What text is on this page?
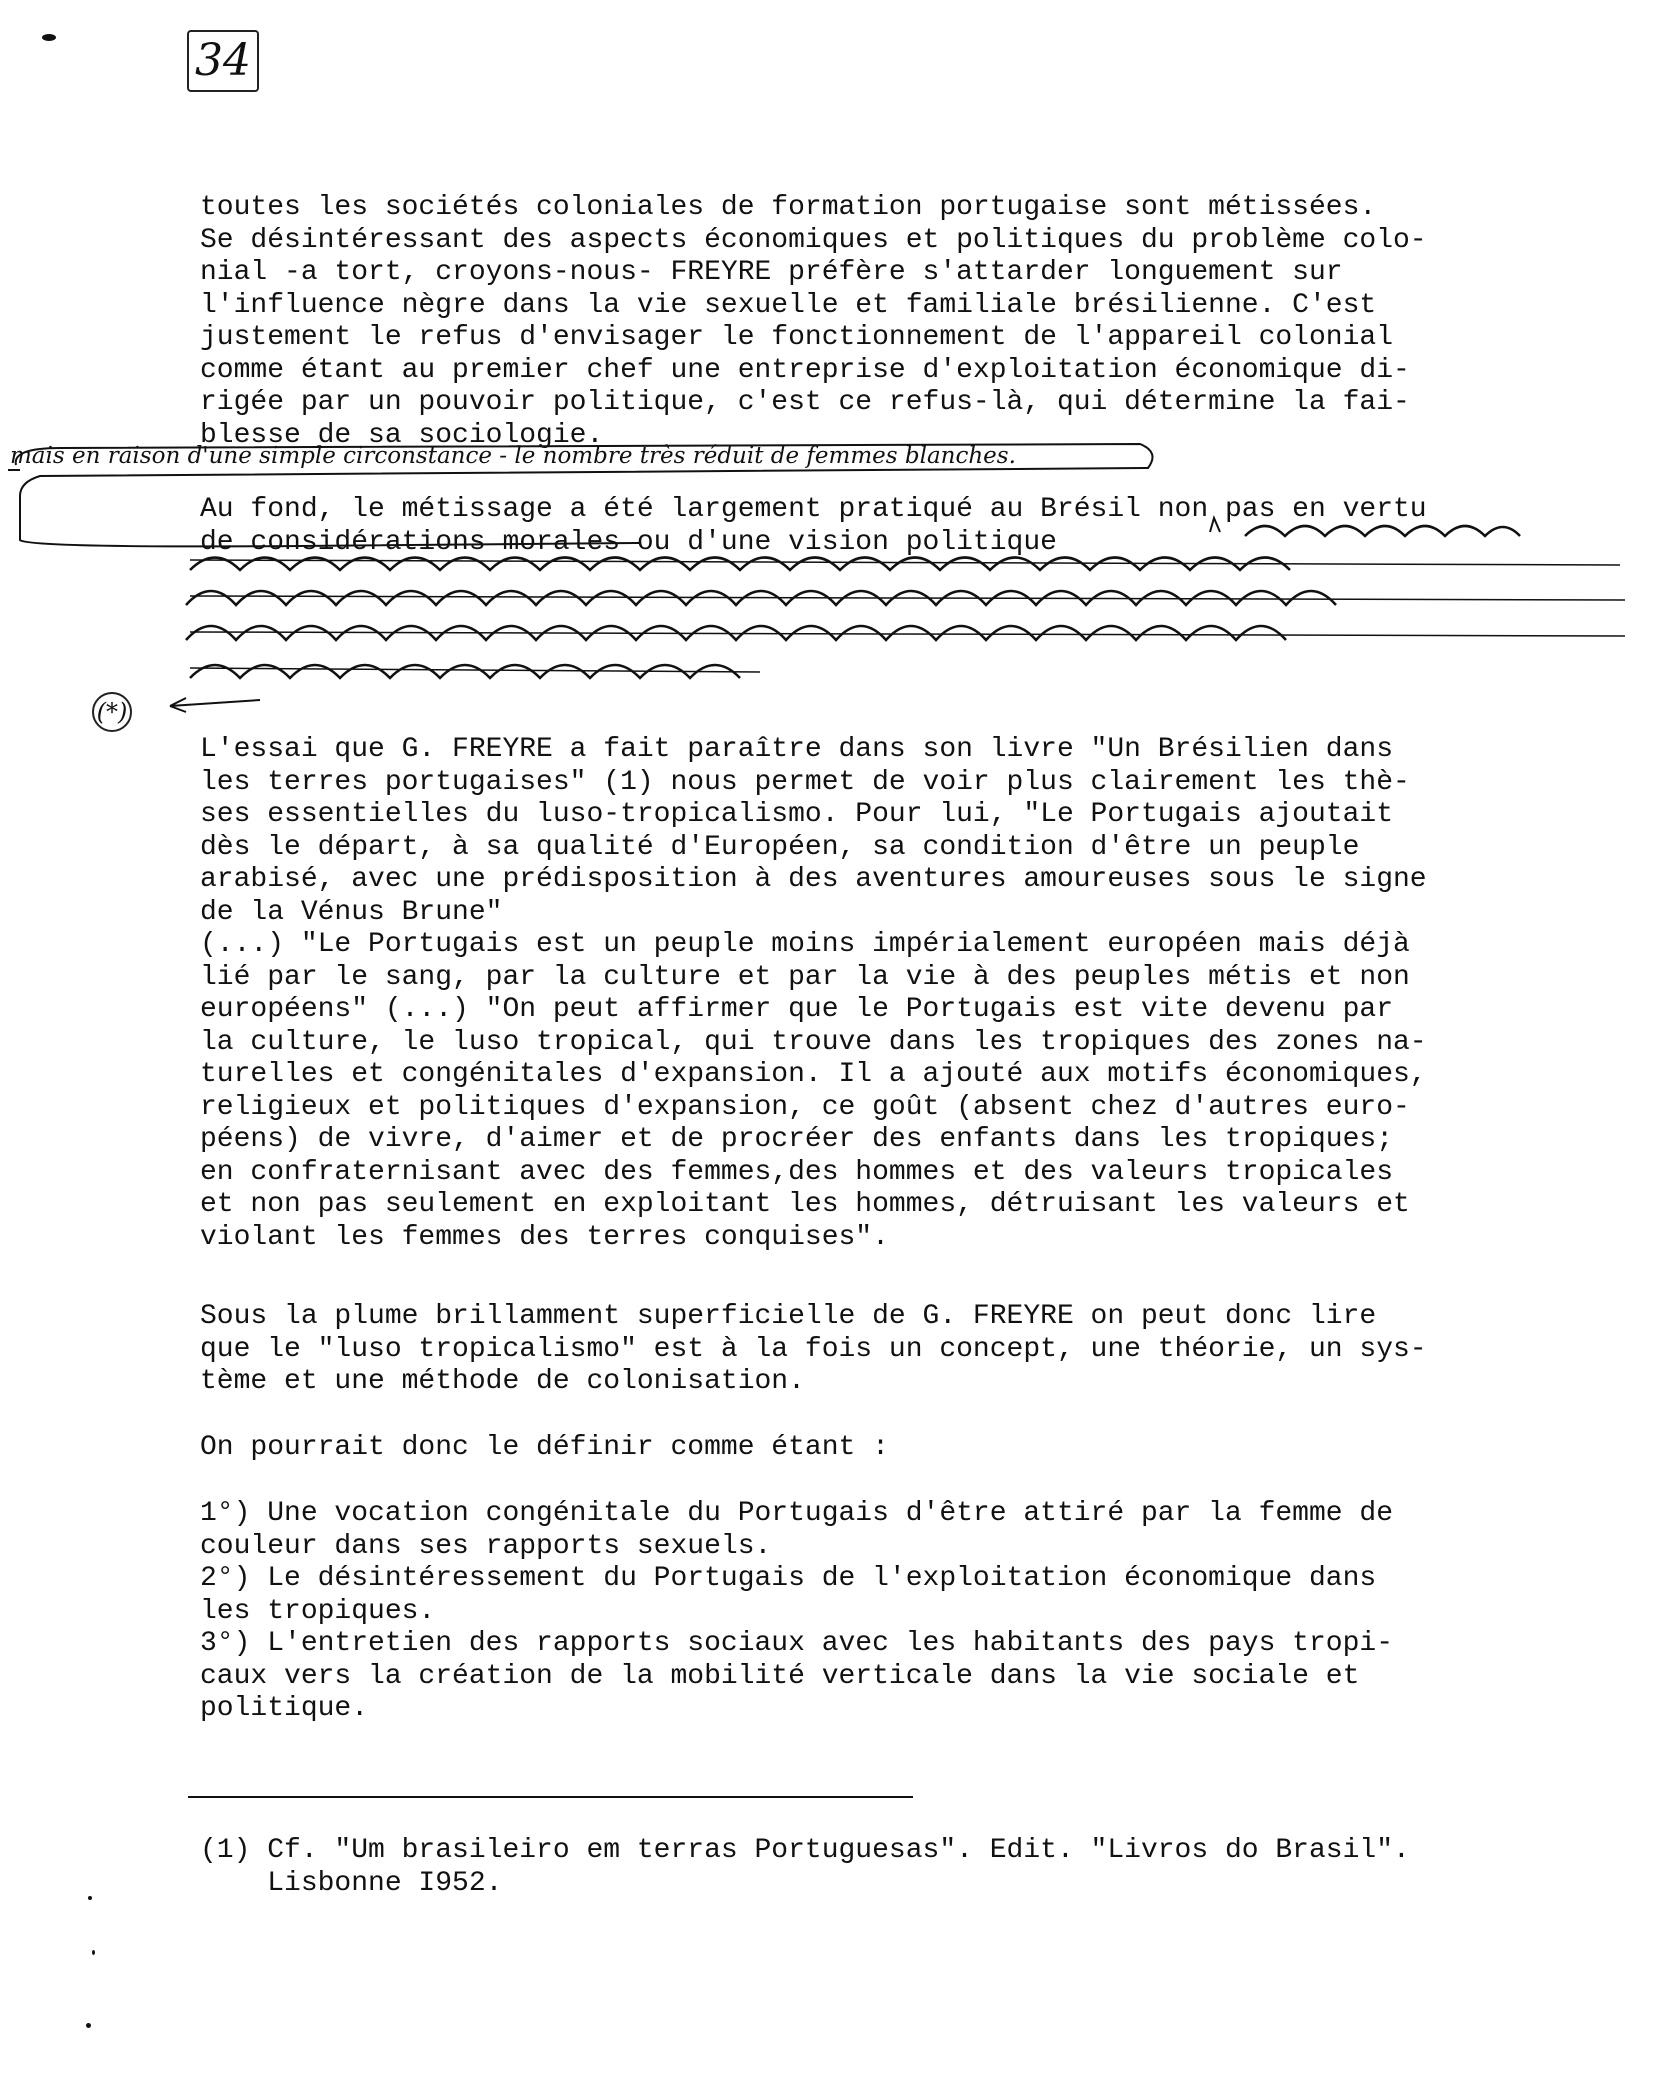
34
toutes les sociétés coloniales de formation portugaise sont métissées.
Se désintéressant des aspects économiques et politiques du problème colo-
nial -a tort, croyons-nous- FREYRE préfère s'attarder longuement sur
l'influence nègre dans la vie sexuelle et familiale brésilienne. C'est
justement le refus d'envisager le fonctionnement de l'appareil colonial
comme étant au premier chef une entreprise d'exploitation économique di-
rigée par un pouvoir politique, c'est ce refus-là, qui détermine la fai-
blesse de sa sociologie.
mais en raison d'une simple circonstance - le nombre très réduit de femmes blanches.
Au fond, le métissage a été largement pratiqué au Brésil non pas en vertu
de considérations morales ou d'une vision politique
(*)
L'essai que G. FREYRE a fait paraître dans son livre "Un Brésilien dans
les terres portugaises" (1) nous permet de voir plus clairement les thè-
ses essentielles du luso-tropicalismo. Pour lui, "Le Portugais ajoutait
dès le départ, à sa qualité d'Européen, sa condition d'être un peuple
arabisé, avec une prédisposition à des aventures amoureuses sous le signe
de la Vénus Brune"
(...) "Le Portugais est un peuple moins impérialement européen mais déjà
lié par le sang, par la culture et par la vie à des peuples métis et non
européens" (...) "On peut affirmer que le Portugais est vite devenu par
la culture, le luso tropical, qui trouve dans les tropiques des zones na-
turelles et congénitales d'expansion. Il a ajouté aux motifs économiques,
religieux et politiques d'expansion, ce goût (absent chez d'autres euro-
péens) de vivre, d'aimer et de procréer des enfants dans les tropiques;
en confraternisant avec des femmes,des hommes et des valeurs tropicales
et non pas seulement en exploitant les hommes, détruisant les valeurs et
violant les femmes des terres conquises".
Sous la plume brillamment superficielle de G. FREYRE on peut donc lire
que le "luso tropicalismo" est à la fois un concept, une théorie, un sys-
tème et une méthode de colonisation.
On pourrait donc le définir comme étant :
1°) Une vocation congénitale du Portugais d'être attiré par la femme de
couleur dans ses rapports sexuels.
2°) Le désintéressement du Portugais de l'exploitation économique dans
les tropiques.
3°) L'entretien des rapports sociaux avec les habitants des pays tropi-
caux vers la création de la mobilité verticale dans la vie sociale et
politique.
(1) Cf. "Um brasileiro em terras Portuguesas". Edit. "Livros do Brasil".
Lisbonne I952.
